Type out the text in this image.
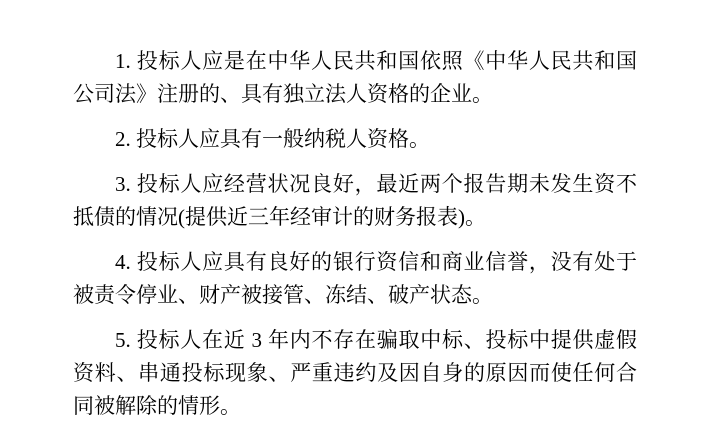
1. 投标人应是在中华人民共和国依照《中华人民共和国公司法》注册的、具有独立法人资格的企业。

2. 投标人应具有一般纳税人资格。

3. 投标人应经营状况良好，最近两个报告期未发生资不抵债的情况(提供近三年经审计的财务报表)。

4. 投标人应具有良好的银行资信和商业信誉，没有处于被责令停业、财产被接管、冻结、破产状态。

5. 投标人在近 3 年内不存在骗取中标、投标中提供虚假资料、串通投标现象、严重违约及因自身的原因而使任何合同被解除的情形。
